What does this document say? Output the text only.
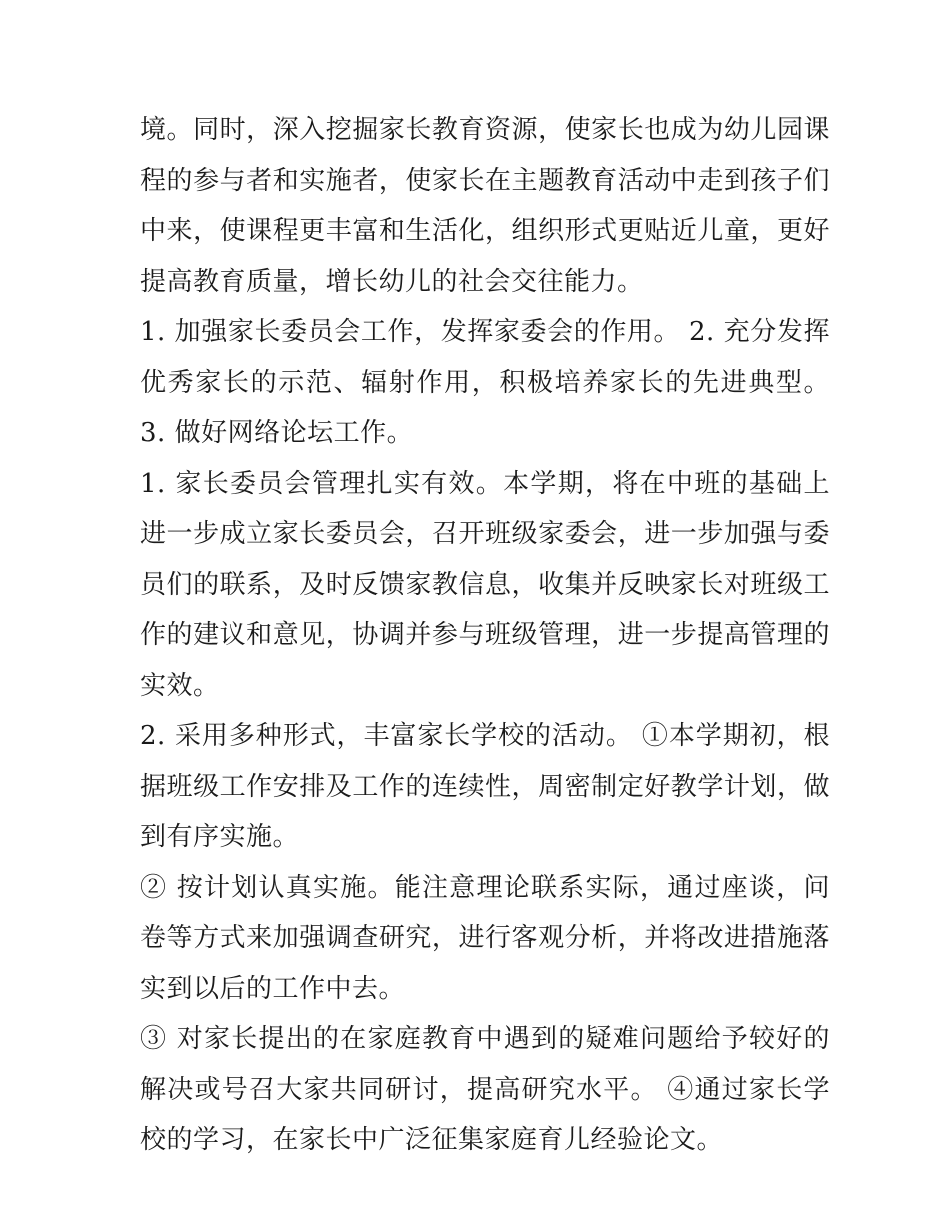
境。同时，深入挖掘家长教育资源，使家长也成为幼儿园课程的参与者和实施者，使家长在主题教育活动中走到孩子们中来，使课程更丰富和生活化，组织形式更贴近儿童，更好提高教育质量，增长幼儿的社会交往能力。

1. 加强家长委员会工作，发挥家委会的作用。 2. 充分发挥优秀家长的示范、辐射作用，积极培养家长的先进典型。 3. 做好网络论坛工作。

1. 家长委员会管理扎实有效。本学期，将在中班的基础上进一步成立家长委员会，召开班级家委会，进一步加强与委员们的联系，及时反馈家教信息，收集并反映家长对班级工作的建议和意见，协调并参与班级管理，进一步提高管理的实效。

2. 采用多种形式，丰富家长学校的活动。 ①本学期初，根据班级工作安排及工作的连续性，周密制定好教学计划，做到有序实施。

② 按计划认真实施。能注意理论联系实际，通过座谈，问卷等方式来加强调查研究，进行客观分析，并将改进措施落实到以后的工作中去。

③ 对家长提出的在家庭教育中遇到的疑难问题给予较好的解决或号召大家共同研讨，提高研究水平。 ④通过家长学校的学习，在家长中广泛征集家庭育儿经验论文。
